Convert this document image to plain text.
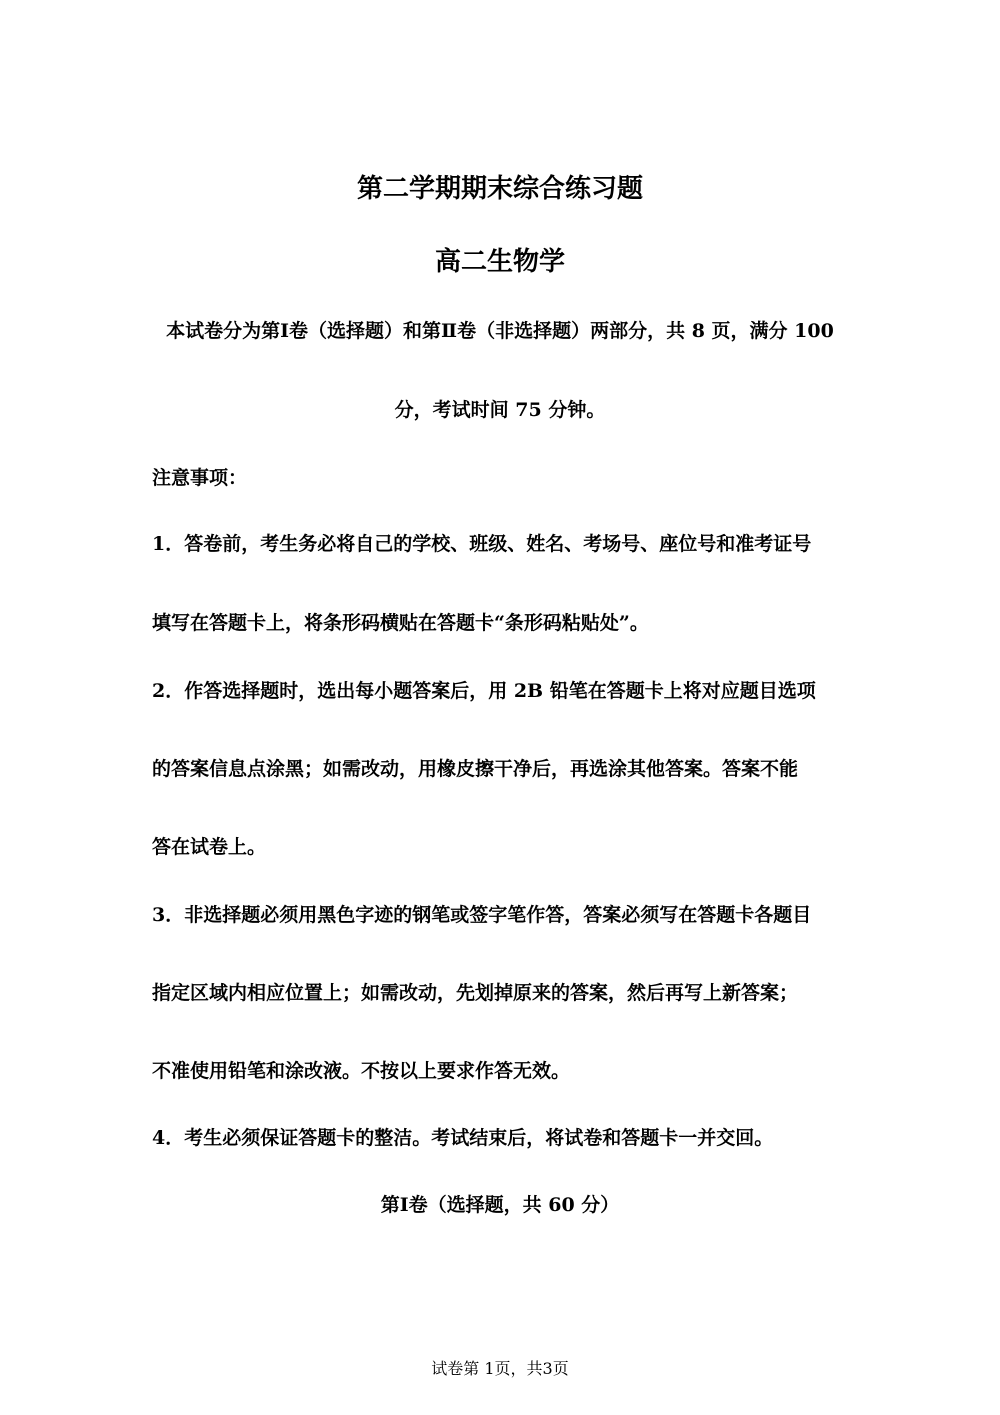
第二学期期末综合练习题
高二生物学
本试卷分为第Ⅰ卷（选择题）和第Ⅱ卷（非选择题）两部分，共 8 页，满分 100
分，考试时间 75 分钟。
注意事项：
1．答卷前，考生务必将自己的学校、班级、姓名、考场号、座位号和准考证号
填写在答题卡上，将条形码横贴在答题卡“条形码粘贴处”。
2．作答选择题时，选出每小题答案后，用 2B 铅笔在答题卡上将对应题目选项
的答案信息点涂黑；如需改动，用橡皮擦干净后，再选涂其他答案。答案不能
答在试卷上。
3．非选择题必须用黑色字迹的钢笔或签字笔作答，答案必须写在答题卡各题目
指定区域内相应位置上；如需改动，先划掉原来的答案，然后再写上新答案；
不准使用铅笔和涂改液。不按以上要求作答无效。
4．考生必须保证答题卡的整洁。考试结束后，将试卷和答题卡一并交回。
第Ⅰ卷（选择题，共 60 分）
试卷第 1页，共3页
